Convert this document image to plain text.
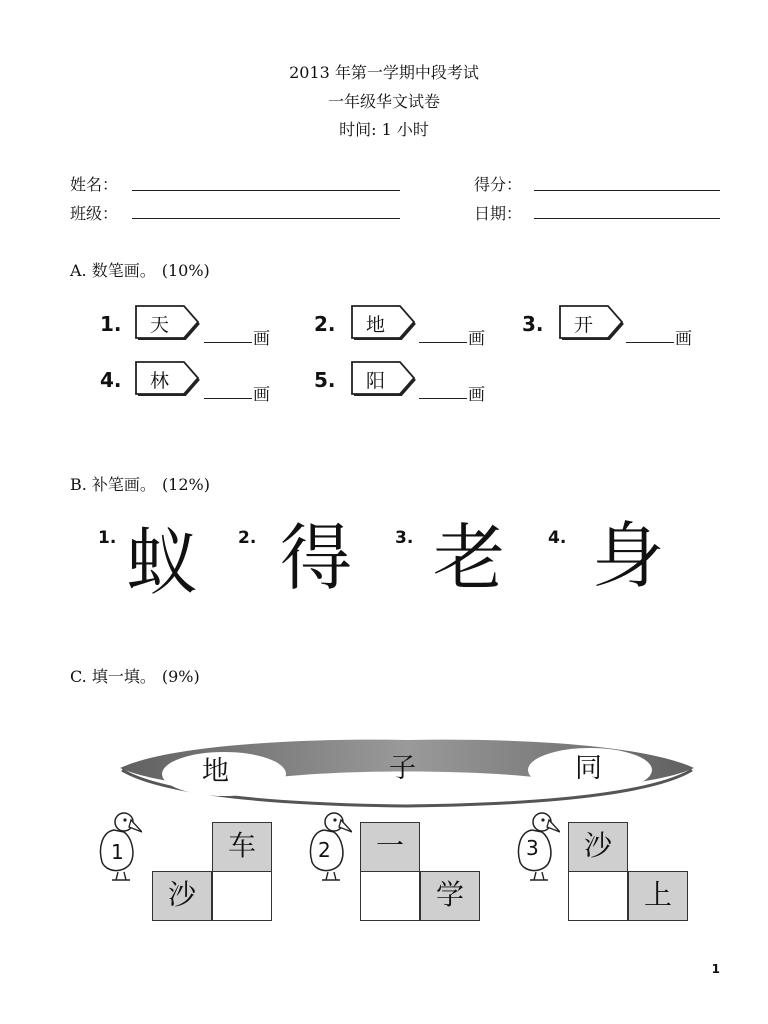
2013 年第一学期中段考试
一年级华文试卷
时间: 1 小时
姓名：	得分：
班级：	日期：
A. 数笔画。 (10%)
1. 天
画
2. 地
画
3. 开
画
4. 林
画
5. 阳
画
B. 补笔画。 (12%)
1. 蚁 2. 得	3. 老	4. 身
C. 填一填。 (9%)
地	子	同
1	车
沙
2	一
学
3	沙
上
1
